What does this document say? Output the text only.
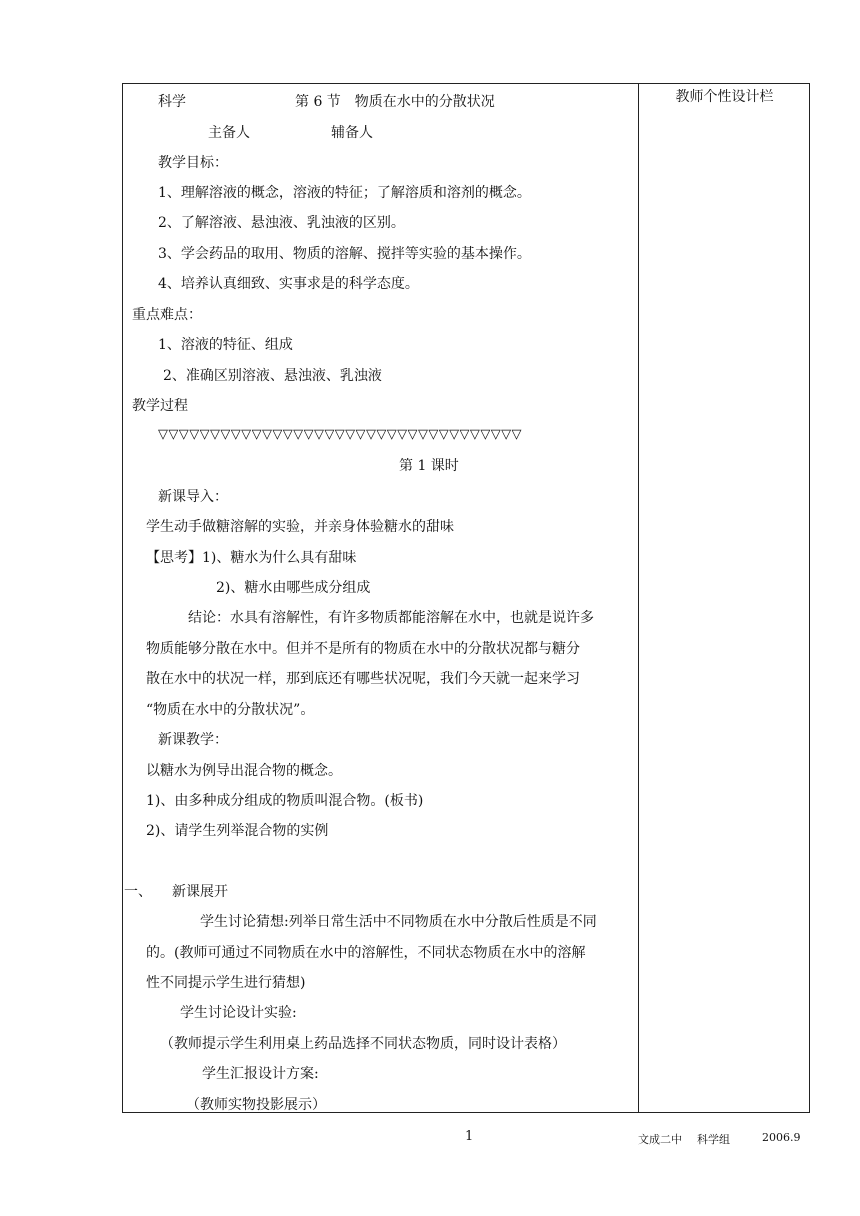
教师个性设计栏
科学	第 6 节　物质在水中的分散状况
主备人	辅备人
教学目标：
1、理解溶液的概念，溶液的特征；了解溶质和溶剂的概念。
2、了解溶液、悬浊液、乳浊液的区别。
3、学会药品的取用、物质的溶解、搅拌等实验的基本操作。
4、培养认真细致、实事求是的科学态度。
重点难点：
1、溶液的特征、组成
2、准确区别溶液、悬浊液、乳浊液
教学过程
▽▽▽▽▽▽▽▽▽▽▽▽▽▽▽▽▽▽▽▽▽▽▽▽▽▽▽▽▽▽▽▽▽▽▽
第 1 课时
新课导入：
学生动手做糖溶解的实验，并亲身体验糖水的甜味
【思考】1)、糖水为什么具有甜味
2)、糖水由哪些成分组成
结论：水具有溶解性，有许多物质都能溶解在水中，也就是说许多
物质能够分散在水中。但并不是所有的物质在水中的分散状况都与糖分
散在水中的状况一样，那到底还有哪些状况呢，我们今天就一起来学习
“物质在水中的分散状况”。
新课教学：
以糖水为例导出混合物的概念。
1)、由多种成分组成的物质叫混合物。(板书)
2)、请学生列举混合物的实例
一、 新课展开
学生讨论猜想:列举日常生活中不同物质在水中分散后性质是不同
的。(教师可通过不同物质在水中的溶解性，不同状态物质在水中的溶解
性不同提示学生进行猜想)
学生讨论设计实验:
（教师提示学生利用桌上药品选择不同状态物质，同时设计表格）
学生汇报设计方案:
（教师实物投影展示）
1	文成二中 科学组	2006.9
